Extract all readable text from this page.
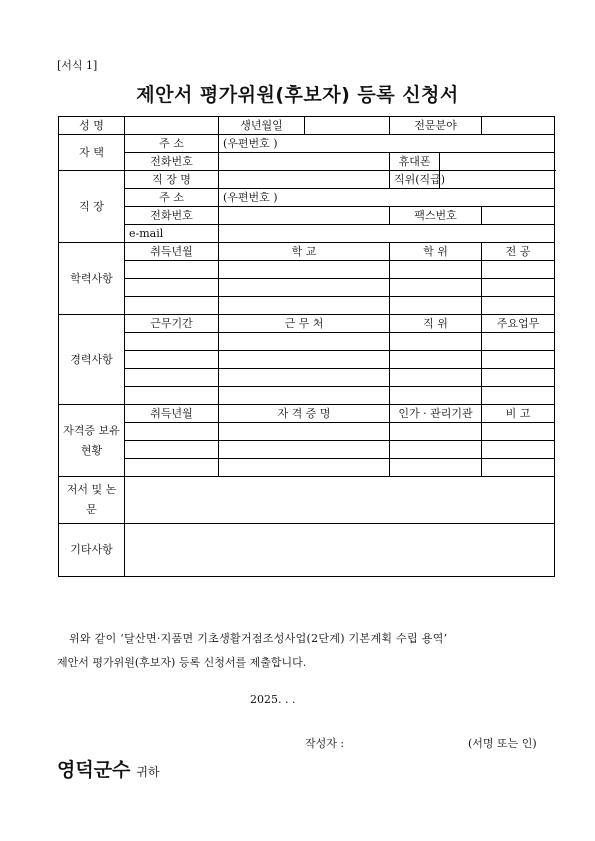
[서식 1]
제안서 평가위원(후보자) 등록 신청서
성 명		생년월일		전문분야		
자 택	주 소	(우편번호 )				
	전화번호			휴대폰		
직 장	직 장 명			직위(직급)		
	주 소	(우편번호 )				
	전화번호			팩스번호		
	e-mail					
학력사항	취득년월	학 교		학 위		전 공

경력사항	근무기간	근 무 처		직 위		주요업무

자격증 보유현황	취득년월	자 격 증 명		인가 · 관리기관		비 고

저서 및 논문						
기타사항						

위와 같이 ‘달산면·지품면 기초생활거점조성사업(2단계) 기본계획 수립 용역’

제안서 평가위원(후보자) 등록 신청서를 제출합니다.

2025. . .
작성자 :	(서명 또는 인)
영덕군수 귀하
